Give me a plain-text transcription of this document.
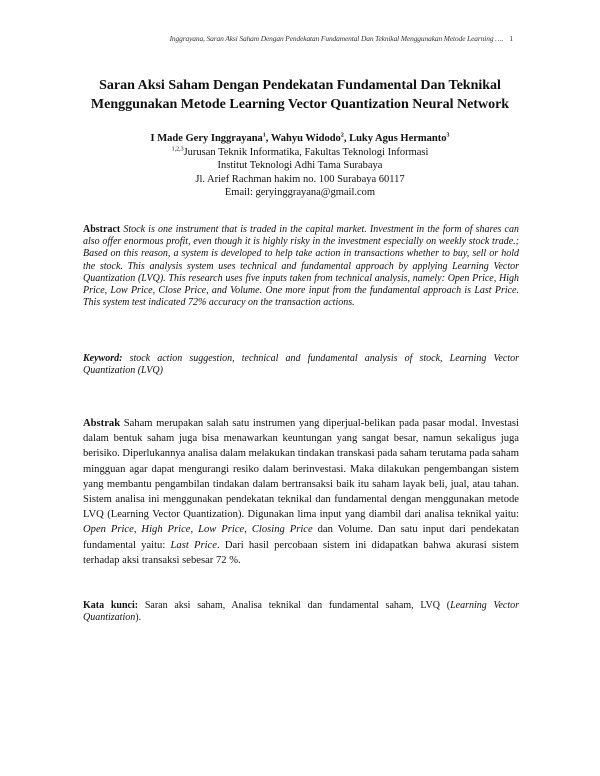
Inggrayana, Saran Aksi Saham Dengan Pendekatan Fundamental Dan Teknikal Menggunakan Metode Learning …. 1
Saran Aksi Saham Dengan Pendekatan Fundamental Dan Teknikal
Menggunakan Metode Learning Vector Quantization Neural Network
I Made Gery Inggrayana$^1$, Wahyu Widodo$^2$, Luky Agus Hermanto$^3$
$^{1,2,3}$Jurusan Teknik Informatika, Fakultas Teknologi Informasi
Institut Teknologi Adhi Tama Surabaya
Jl. Arief Rachman hakim no. 100 Surabaya 60117
Email: geryinggrayana@gmail.com
Abstract Stock is one instrument that is traded in the capital market. Investment in the form of shares can also offer enormous profit, even though it is highly risky in the investment especially on weekly stock trade.; Based on this reason, a system is developed to help take action in transactions whether to buy, sell or hold the stock. This analysis system uses technical and fundamental approach by applying Learning Vector Quantization (LVQ). This research uses five inputs taken from technical analysis, namely: Open Price, High Price, Low Price, Close Price, and Volume. One more input from the fundamental approach is Last Price. This system test indicated 72% accuracy on the transaction actions.
Keyword: stock action suggestion, technical and fundamental analysis of stock, Learning Vector Quantization (LVQ)
Abstrak Saham merupakan salah satu instrumen yang diperjual-belikan pada pasar modal. Investasi dalam bentuk saham juga bisa menawarkan keuntungan yang sangat besar, namun sekaligus juga berisiko. Diperlukannya analisa dalam melakukan tindakan transkasi pada saham terutama pada saham mingguan agar dapat mengurangi resiko dalam berinvestasi. Maka dilakukan pengembangan sistem yang membantu pengambilan tindakan dalam bertransaksi baik itu saham layak beli, jual, atau tahan. Sistem analisa ini menggunakan pendekatan teknikal dan fundamental dengan menggunakan metode LVQ (Learning Vector Quantization). Digunakan lima input yang diambil dari analisa teknikal yaitu: Open Price, High Price, Low Price, Closing Price dan Volume. Dan satu input dari pendekatan fundamental yaitu: Last Price. Dari hasil percobaan sistem ini didapatkan bahwa akurasi sistem terhadap aksi transaksi sebesar 72 %.
Kata kunci: Saran aksi saham, Analisa teknikal dan fundamental saham, LVQ (Learning Vector Quantization).
